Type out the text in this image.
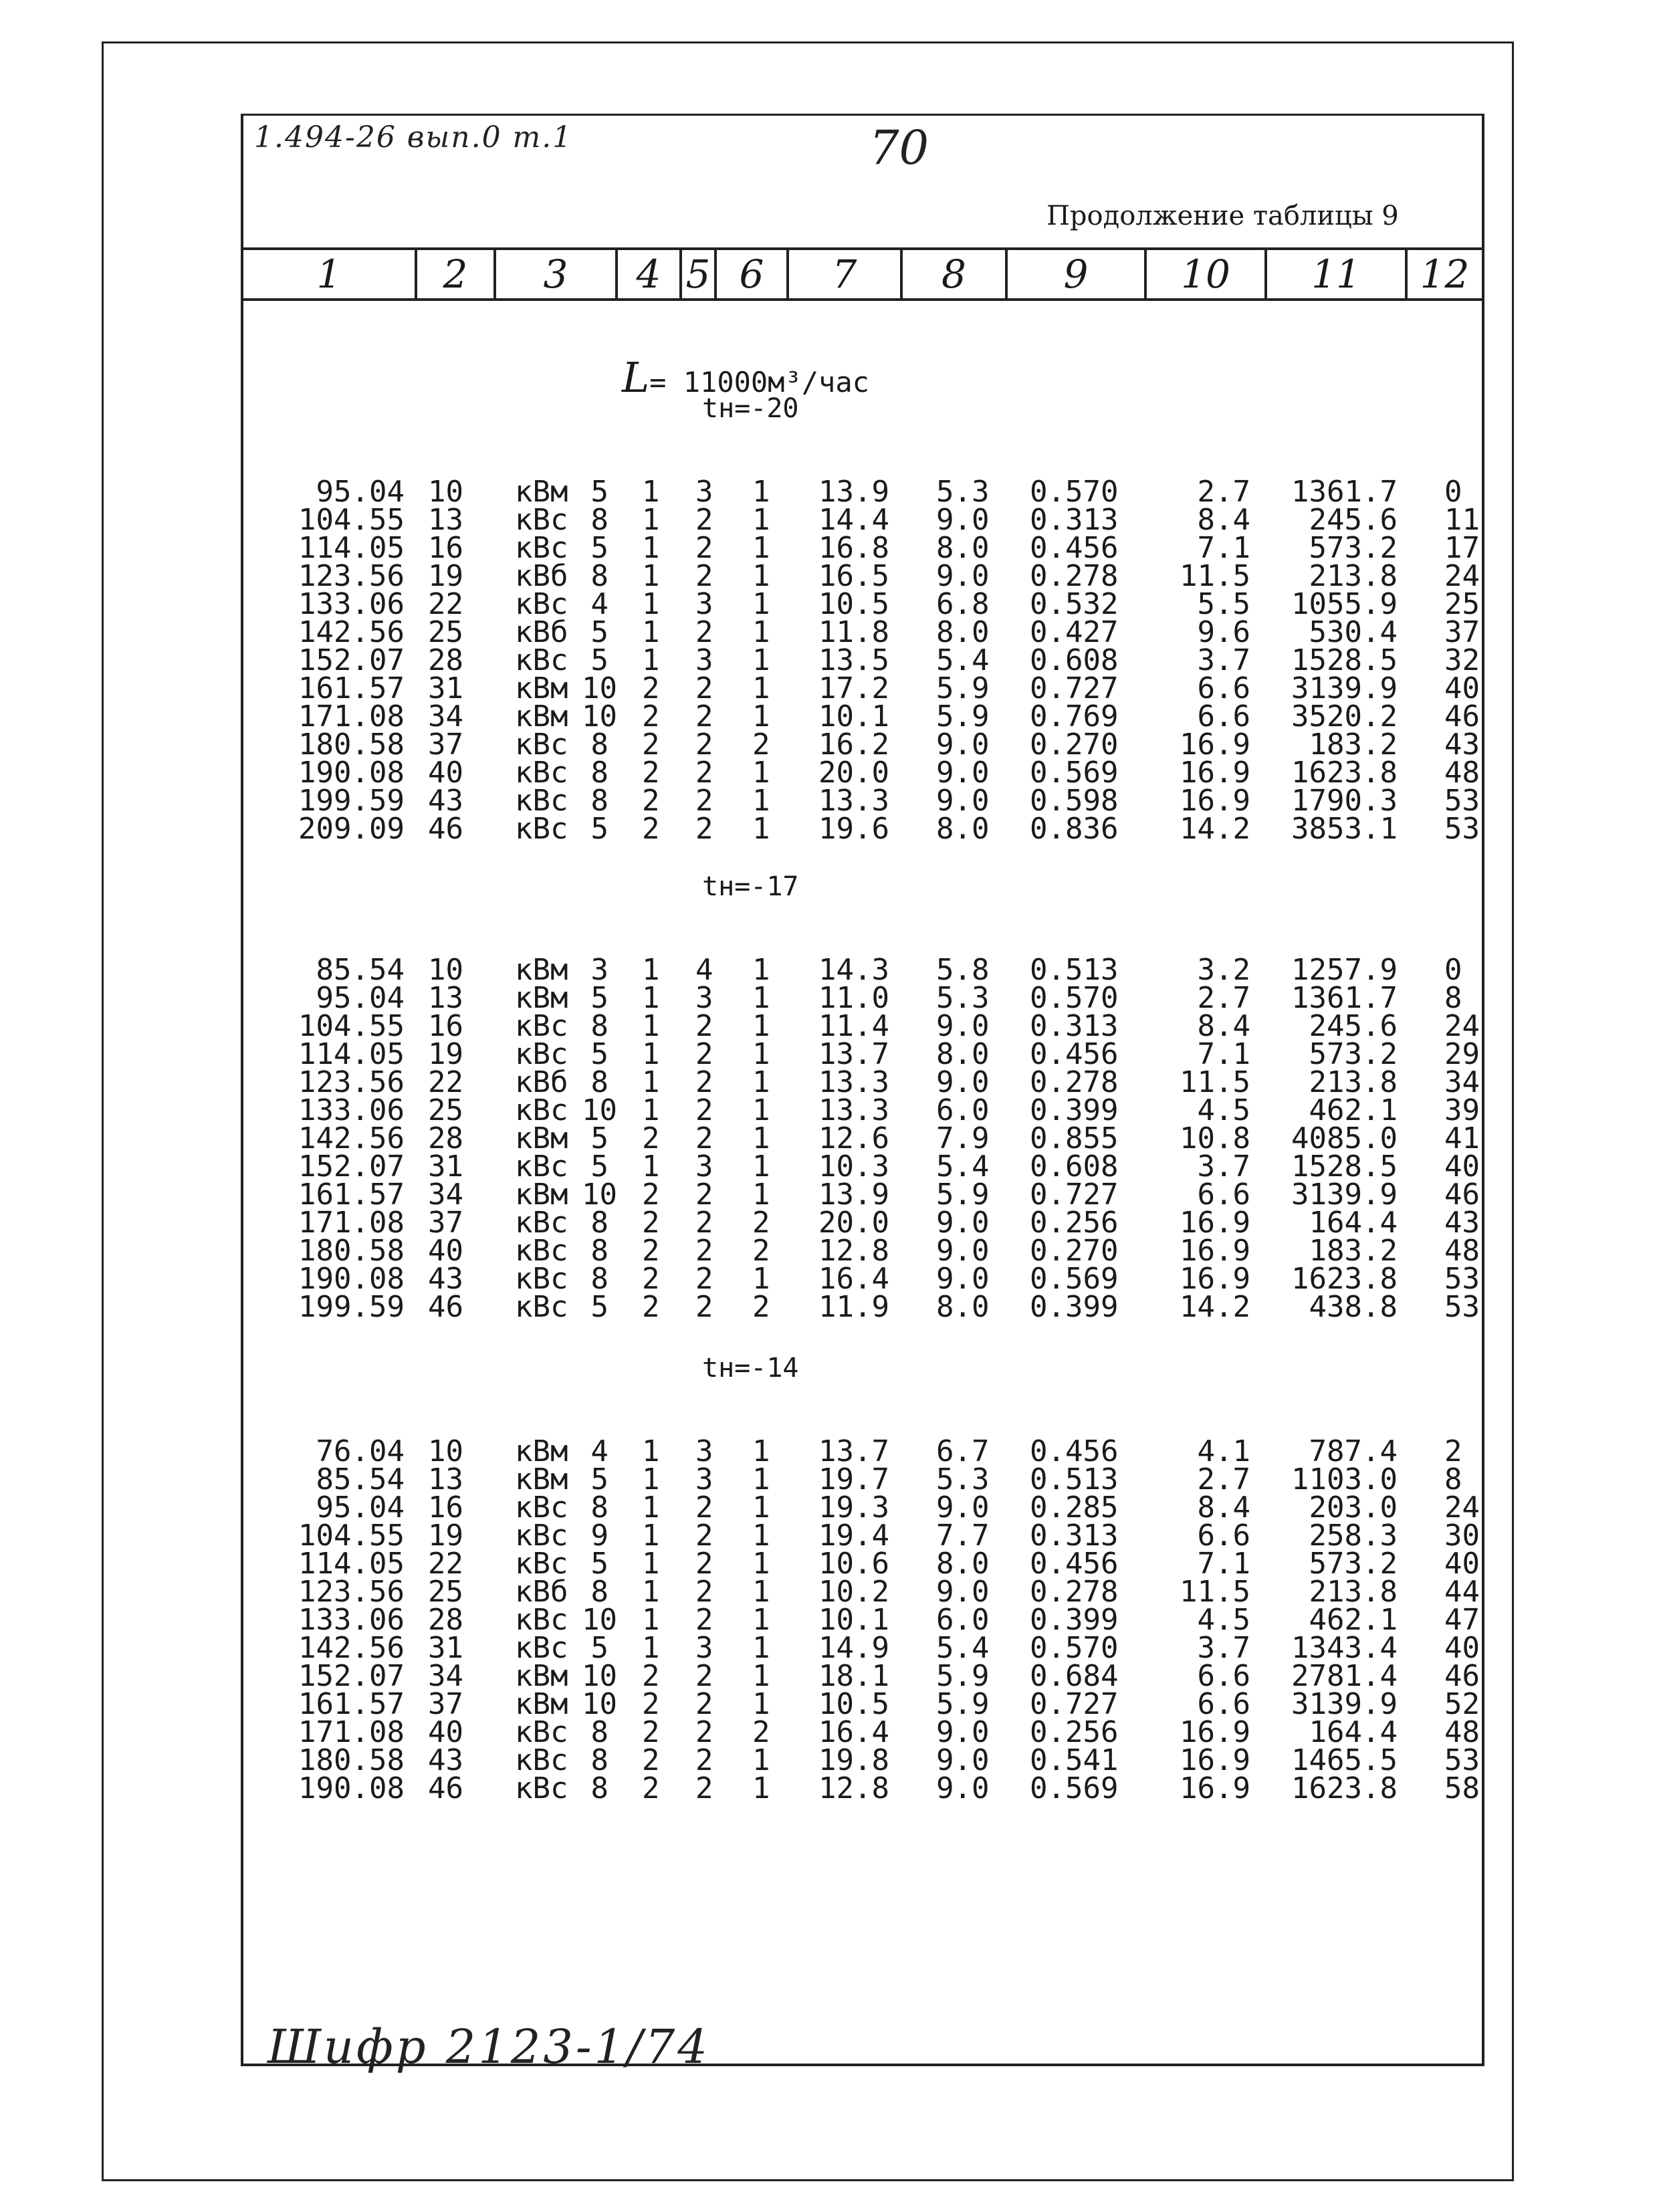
1.494-26 вып.0 т.1	70
Продолжение таблицы 9
1	2	3	4 5 6	7	8	9	10	11	12
L= 11000м³/час
tн=-20
95.04 10	кВм 5 1	3	1	13.9 5.3 0.570	2.7	1361.7 0
104.55 13	кВс 8 1	2	1	14.4 9.0 0.313	8.4	245.6 11
114.05 16	кВс 5 1	2	1	16.8 8.0 0.456	7.1	573.2 17
123.56 19	кВб 8 1	2	1	16.5 9.0 0.278	11.5	213.8 24
133.06 22	кВс 4 1	3	1	10.5 6.8 0.532	5.5	1055.9 25
142.56 25	кВб 5 1	2	1	11.8 8.0 0.427	9.6	530.4 37
152.07 28	кВс 5 1	3	1	13.5 5.4 0.608	3.7	1528.5 32
161.57 31	кВм 10 2	2	1	17.2 5.9 0.727	6.6	3139.9 40
171.08 34	кВм 10 2	2	1	10.1 5.9 0.769	6.6	3520.2 46
180.58 37	кВс 8 2	2	2	16.2 9.0 0.270	16.9	183.2 43
190.08 40	кВс 8 2	2	1	20.0 9.0 0.569	16.9	1623.8 48
199.59 43	кВс 8 2	2	1	13.3 9.0 0.598	16.9	1790.3 53
209.09 46	кВс 5 2	2	1	19.6 8.0 0.836	14.2	3853.1 53
tн=-17
85.54 10	кВм 3 1	4	1	14.3 5.8 0.513	3.2	1257.9 0
95.04 13	кВм 5 1	3	1	11.0 5.3 0.570	2.7	1361.7 8
104.55 16	кВс 8 1	2	1	11.4 9.0 0.313	8.4	245.6 24
114.05 19	кВс 5 1	2	1	13.7 8.0 0.456	7.1	573.2 29
123.56 22	кВб 8 1	2	1	13.3 9.0 0.278	11.5	213.8 34
133.06 25	кВс 10 1	2	1	13.3 6.0 0.399	4.5	462.1 39
142.56 28	кВм 5 2	2	1	12.6 7.9 0.855	10.8	4085.0 41
152.07 31	кВс 5 1	3	1	10.3 5.4 0.608	3.7	1528.5 40
161.57 34	кВм 10 2	2	1	13.9 5.9 0.727	6.6	3139.9 46
171.08 37	кВс 8 2	2	2	20.0 9.0 0.256	16.9	164.4 43
180.58 40	кВс 8 2	2	2	12.8 9.0 0.270	16.9	183.2 48
190.08 43	кВс 8 2	2	1	16.4 9.0 0.569	16.9	1623.8 53
199.59 46	кВс 5 2	2	2	11.9 8.0 0.399	14.2	438.8 53
tн=-14
76.04 10	кВм 4 1	3	1	13.7 6.7 0.456	4.1	787.4 2
85.54 13	кВм 5 1	3	1	19.7 5.3 0.513	2.7	1103.0 8
95.04 16	кВс 8 1	2	1	19.3 9.0 0.285	8.4	203.0 24
104.55 19	кВс 9 1	2	1	19.4 7.7 0.313	6.6	258.3 30
114.05 22	кВс 5 1	2	1	10.6 8.0 0.456	7.1	573.2 40
123.56 25	кВб 8 1	2	1	10.2 9.0 0.278	11.5	213.8 44
133.06 28	кВс 10 1	2	1	10.1 6.0 0.399	4.5	462.1 47
142.56 31	кВс 5 1	3	1	14.9 5.4 0.570	3.7	1343.4 40
152.07 34	кВм 10 2	2	1	18.1 5.9 0.684	6.6	2781.4 46
161.57 37	кВм 10 2	2	1	10.5 5.9 0.727	6.6	3139.9 52
171.08 40	кВс 8 2	2	2	16.4 9.0 0.256	16.9	164.4 48
180.58 43	кВс 8 2	2	1	19.8 9.0 0.541	16.9	1465.5 53
190.08 46	кВс 8 2	2	1	12.8 9.0 0.569	16.9	1623.8 58
Шифр 2123-1/74
